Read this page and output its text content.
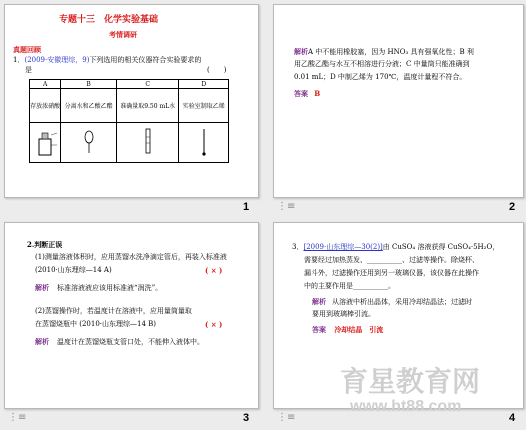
专题十三　化学实验基础
考情调研
真题回顾
1．(2009·安徽理综，9)下列选用的相关仪器符合实验要求的
是	(　　)
A	B	C	D
存放浓硝酸	分离水和乙酸乙酯	准确量取9.50 mL水	实验室制取乙烯

1
解析A 中不能用橡胶塞，因为 HNO₃ 具有强氧化性；B 利
用乙酸乙酯与水互不相溶进行分液；C 中量筒只能准确到
0.01 mL；D 中制乙烯为 170℃，温度计量程不符合。
答案 B
⋮≡	2
2.判断正误
(1)测量溶液体积时，应用蒸馏水洗净滴定管后，再装入标准液
(2010·山东理综—14 A)	( × )
解析 标准溶液液应该用标准液“润洗”。
(2)蒸馏操作时，若温度计在溶液中，应用量筒量取
在蒸馏烧瓶中 (2010·山东理综—14 B)	( × )
解析 温度计在蒸馏烧瓶支管口处，不能伸入液体中。
⋮≡	3
3．[2009·山东理综—30(2)]由 CuSO₄ 溶液获得 CuSO₄·5H₂O，
需要经过加热蒸发、__________、过滤等操作。除烧杯、
漏斗外，过滤操作还用到另一玻璃仪器，该仪器在此操作
中的主要作用是__________。
解析 从溶液中析出晶体，采用冷却结晶法；过滤时
要用到玻璃棒引流。
答案 冷却结晶　引流
⋮≡	4
育星教育网
www.ht88.com
